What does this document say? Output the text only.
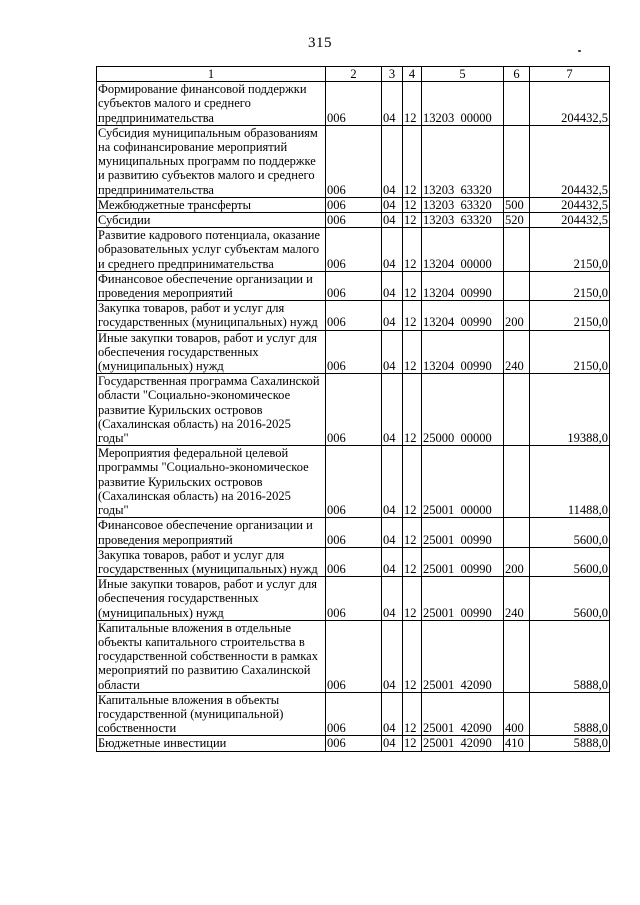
315
1	2	3	4	5	6	7
Формирование финансовой поддержки субъектов малого и среднего предпринимательства	006	04	12	13203  00000		204432,5
Субсидия муниципальным образованиям на софинансирование мероприятий муниципальных программ по поддержке и развитию субъектов малого и среднего предпринимательства	006	04	12	13203  63320		204432,5
Межбюджетные трансферты	006	04	12	13203  63320	500	204432,5
Субсидии	006	04	12	13203  63320	520	204432,5
Развитие кадрового потенциала, оказание образовательных услуг субъектам малого и среднего предпринимательства	006	04	12	13204  00000		2150,0
Финансовое обеспечение организации и проведения мероприятий	006	04	12	13204  00990		2150,0
Закупка товаров, работ и услуг для государственных (муниципальных) нужд	006	04	12	13204  00990	200	2150,0
Иные закупки товаров, работ и услуг для обеспечения государственных (муниципальных) нужд	006	04	12	13204  00990	240	2150,0
Государственная программа Сахалинской области "Социально-экономическое развитие Курильских островов (Сахалинская область) на 2016-2025 годы"	006	04	12	25000  00000		19388,0
Мероприятия федеральной целевой программы "Социально-экономическое развитие Курильских островов (Сахалинская область) на 2016-2025 годы"	006	04	12	25001  00000		11488,0
Финансовое обеспечение организации и проведения мероприятий	006	04	12	25001  00990		5600,0
Закупка товаров, работ и услуг для государственных (муниципальных) нужд	006	04	12	25001  00990	200	5600,0
Иные закупки товаров, работ и услуг для обеспечения государственных (муниципальных) нужд	006	04	12	25001  00990	240	5600,0
Капитальные вложения в отдельные объекты капитального строительства в государственной собственности в рамках мероприятий по развитию Сахалинской области	006	04	12	25001  42090		5888,0
Капитальные вложения в объекты государственной (муниципальной) собственности	006	04	12	25001  42090	400	5888,0
Бюджетные инвестиции	006	04	12	25001  42090	410	5888,0
